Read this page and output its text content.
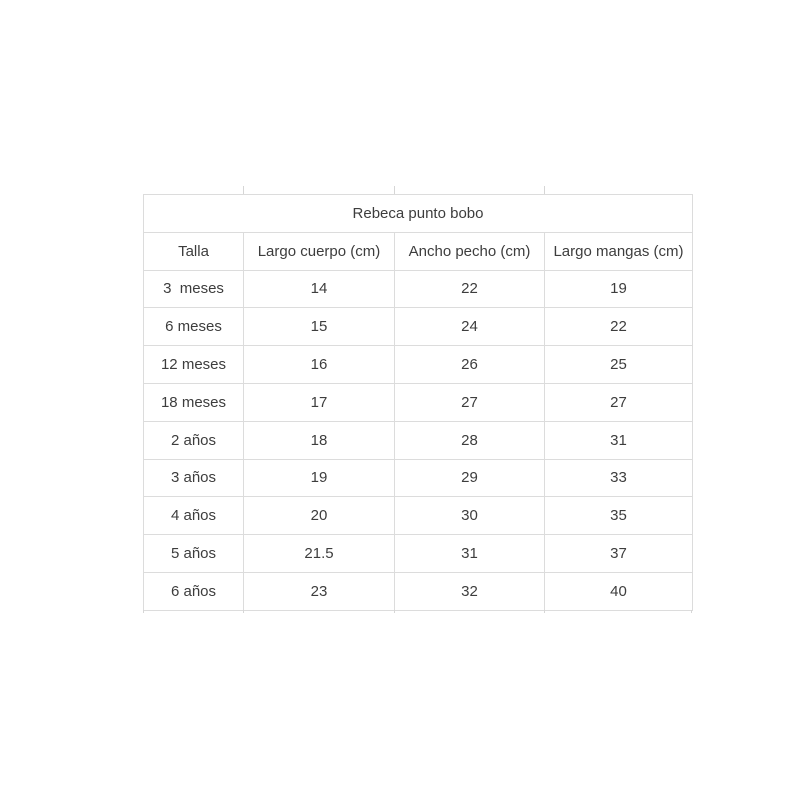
Rebeca punto bobo			
Talla	Largo cuerpo (cm)	Ancho pecho (cm)	Largo mangas (cm)
3  meses	14	22	19
6 meses	15	24	22
12 meses	16	26	25
18 meses	17	27	27
2 años	18	28	31
3 años	19	29	33
4 años	20	30	35
5 años	21.5	31	37
6 años	23	32	40
